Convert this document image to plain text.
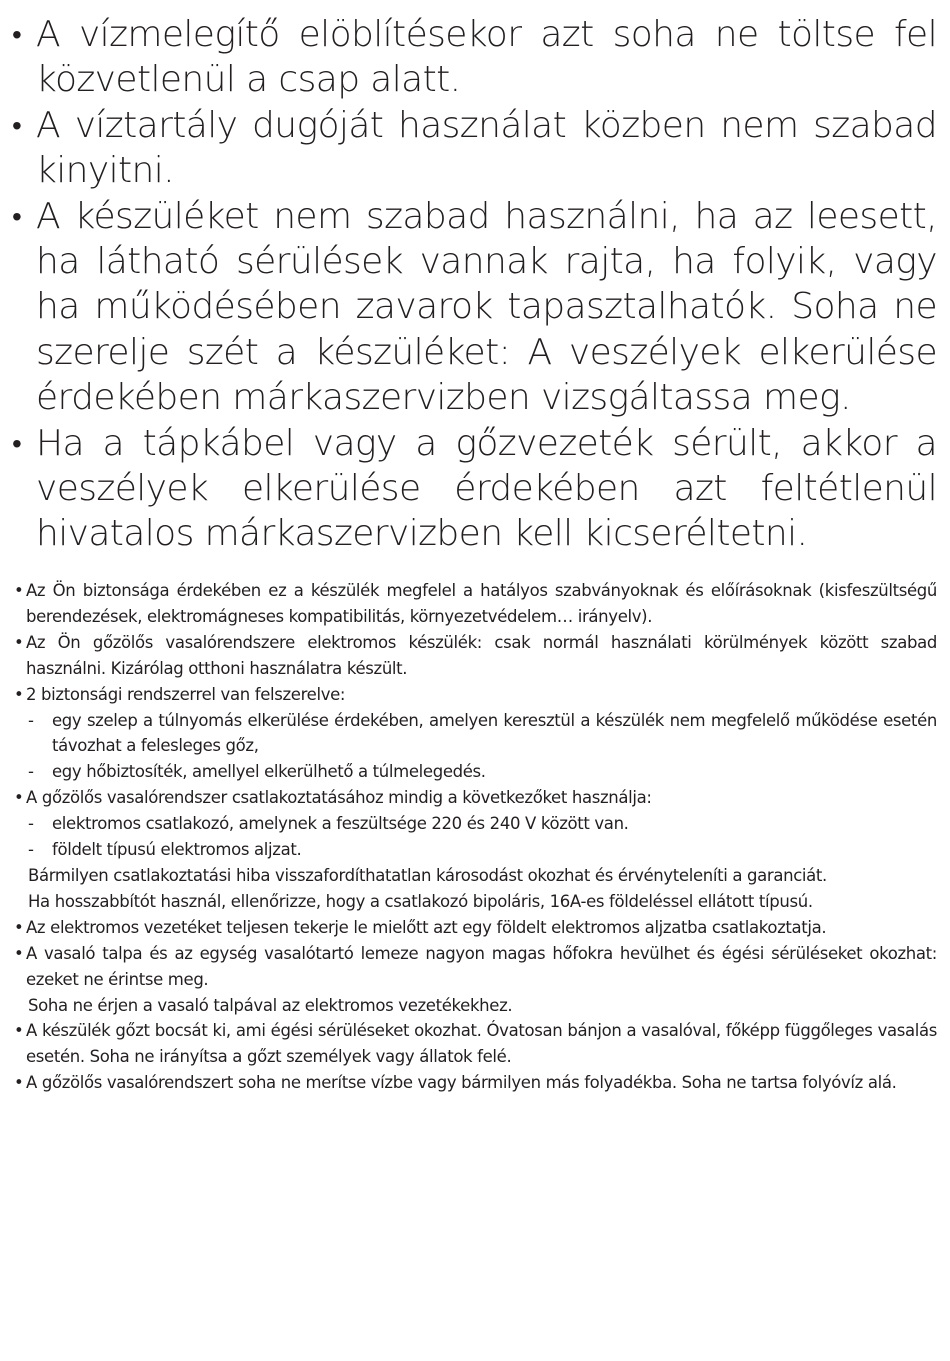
• A vízmelegítő elöblítésekor azt soha ne töltse fel közvetlenül a csap alatt.
• A víztartály dugóját használat közben nem szabad kinyitni.
• A készüléket nem szabad használni, ha az leesett, ha látható sérülések vannak rajta, ha folyik, vagy ha működésében zavarok tapasztalhatók. Soha ne szerelje szét a készüléket: A veszélyek elkerülése érdekében márkaszervizben vizsgáltassa meg.
• Ha a tápkábel vagy a gőzvezeték sérült, akkor a veszélyek elkerülése érdekében azt feltétlenül hivatalos márkaszervizben kell kicseréltetni.
• Az Ön biztonsága érdekében ez a készülék megfelel a hatályos szabványoknak és előírásoknak (kisfeszültségű berendezések, elektromágneses kompatibilitás, környezetvédelem… irányelv).
• Az Ön gőzölős vasalórendszere elektromos készülék: csak normál használati körülmények között szabad használni. Kizárólag otthoni használatra készült.
• 2 biztonsági rendszerrel van felszerelve:
- egy szelep a túlnyomás elkerülése érdekében, amelyen keresztül a készülék nem megfelelő működése esetén távozhat a felesleges gőz,
- egy hőbiztosíték, amellyel elkerülhető a túlmelegedés.
• A gőzölős vasalórendszer csatlakoztatásához mindig a következőket használja:
- elektromos csatlakozó, amelynek a feszültsége 220 és 240 V között van.
- földelt típusú elektromos aljzat.
Bármilyen csatlakoztatási hiba visszafordíthatatlan károsodást okozhat és érvényteleníti a garanciát.
Ha hosszabbítót használ, ellenőrizze, hogy a csatlakozó bipoláris, 16A-es földeléssel ellátott típusú.
• Az elektromos vezetéket teljesen tekerje le mielőtt azt egy földelt elektromos aljzatba csatlakoztatja.
• A vasaló talpa és az egység vasalótartó lemeze nagyon magas hőfokra hevülhet és égési sérüléseket okozhat: ezeket ne érintse meg.
Soha ne érjen a vasaló talpával az elektromos vezetékekhez.
• A készülék gőzt bocsát ki, ami égési sérüléseket okozhat. Óvatosan bánjon a vasalóval, főképp függőleges vasalás esetén. Soha ne irányítsa a gőzt személyek vagy állatok felé.
• A gőzölős vasalórendszert soha ne merítse vízbe vagy bármilyen más folyadékba. Soha ne tartsa folyóvíz alá.
